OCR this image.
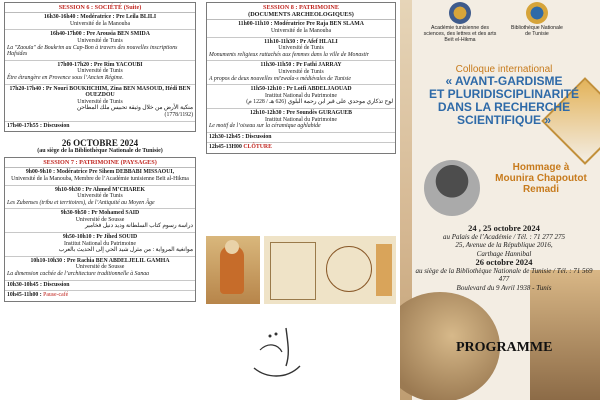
SESSION 6 : SOCIÉTÉ (Suite)
16h30-16h40 : Modératrice : Pre Leila BLILI
Université de la Manouba
16h40-17h00 : Pre Arousia BEN SMIDA
Université de Tunis
La "Zaouïa" de Boukrim au Cap-Bon à travers des nouvelles inscriptions Hafsides
17h00-17h20 : Pre Rim YACOUBI
Université de Tunis
Être étrangère en Provence sous l’Ancien Régime.
17h20-17h40 : Pr Nouri BOUKHCHIM, Zina BEN MASOUD, Hédi BEN OUEZDOU
Université de Tunis
منكية الأرض من خلال وثيقة تحبيس ملك المطاحن
(1778/1192)
17h40-17h55 : Discussion
26 OCTOBRE 2024
(au siège de la Bibliothèque Nationale de Tunisie)
SESSION 7 : PATRIMOINE (PAYSAGES)
9h00-9h10 : Modératrice Pre Sihem DEBBABI MISSAOUI,
Université de la Manouba, Membre de l’Académie tunisienne Beït al-Hikma
9h10-9h30 : Pr Ahmed M’CHAREK
Université de Tunis
Les Zubenses (tribu et territoires), de l’Antiquité au Moyen Âge
9h30-9h50 : Pr Mohamed SAID
Université de Sousse
دراسة رسوم كتاب السلطانة وديد دنيل فخامير
9h50-10h10 : Pr Jihed SOUID
Institut National du Patrimoine
موانغية المرواية : من مثرل شيد الحي إلى الحديث بالعرب
10h10-10h30 : Pre Rachia BEN ABDELJELIL GAMHA
Université de Sousse
La dimension cachée de l’architecture traditionnelle à Sanaa
10h30-10h45 : Discussion
10h45-11h00 : Pause-café
SESSION 8 : PATRIMOINE
(DOCUMENTS ARCHEOLOGIQUES)
11h00-11h10 : Modératrice Pre Raja BEN SLAMA
Université de la Manouba
11h10-11h30 : Pr Afef HLALI
Université de Tunis
Monuments religieux rattachés aux femmes dans la ville de Monastir
11h30-11h50 : Pr Fathi JARRAY
Université de Tunis
A propos de deux nouvelles mi'zwala-s médiévales de Tunisie
11h50-12h10 : Pr Lotfi ABDELJAOUAD
Institut National du Patrimoine
لوح تذكاري موحدي على قبر ابن رحمة البلوي (626 هـ / 1228 م)
12h10-12h30 : Pre Soundès GURAGUEB
Institut National du Patrimoine
Le motif de l’oiseau sur la céramique aghlabide
12h30-12h45 : Discussion
12h45-13H00 CLÔTURE
Académie tunisienne des sciences, des lettres et des arts Beït el-Hikma
Bibliothèque Nationale de Tunisie
Colloque international
« AVANT-GARDISME
ET PLURIDISCIPLINARITÉ
DANS LA RECHERCHE
SCIENTIFIQUE »
Hommage à
Mounira Chapoutot Remadi
24 , 25 octobre 2024
au Palais de l’Académie / Tél. : 71 277 275
25, Avenue de la République 2016,
Carthage Hannibal
26 octobre 2024
au siège de la Bibliothèque Nationale de Tunisie / Tél. : 71 569 477
Boulevard du 9 Avril 1938 - Tunis
PROGRAMME
